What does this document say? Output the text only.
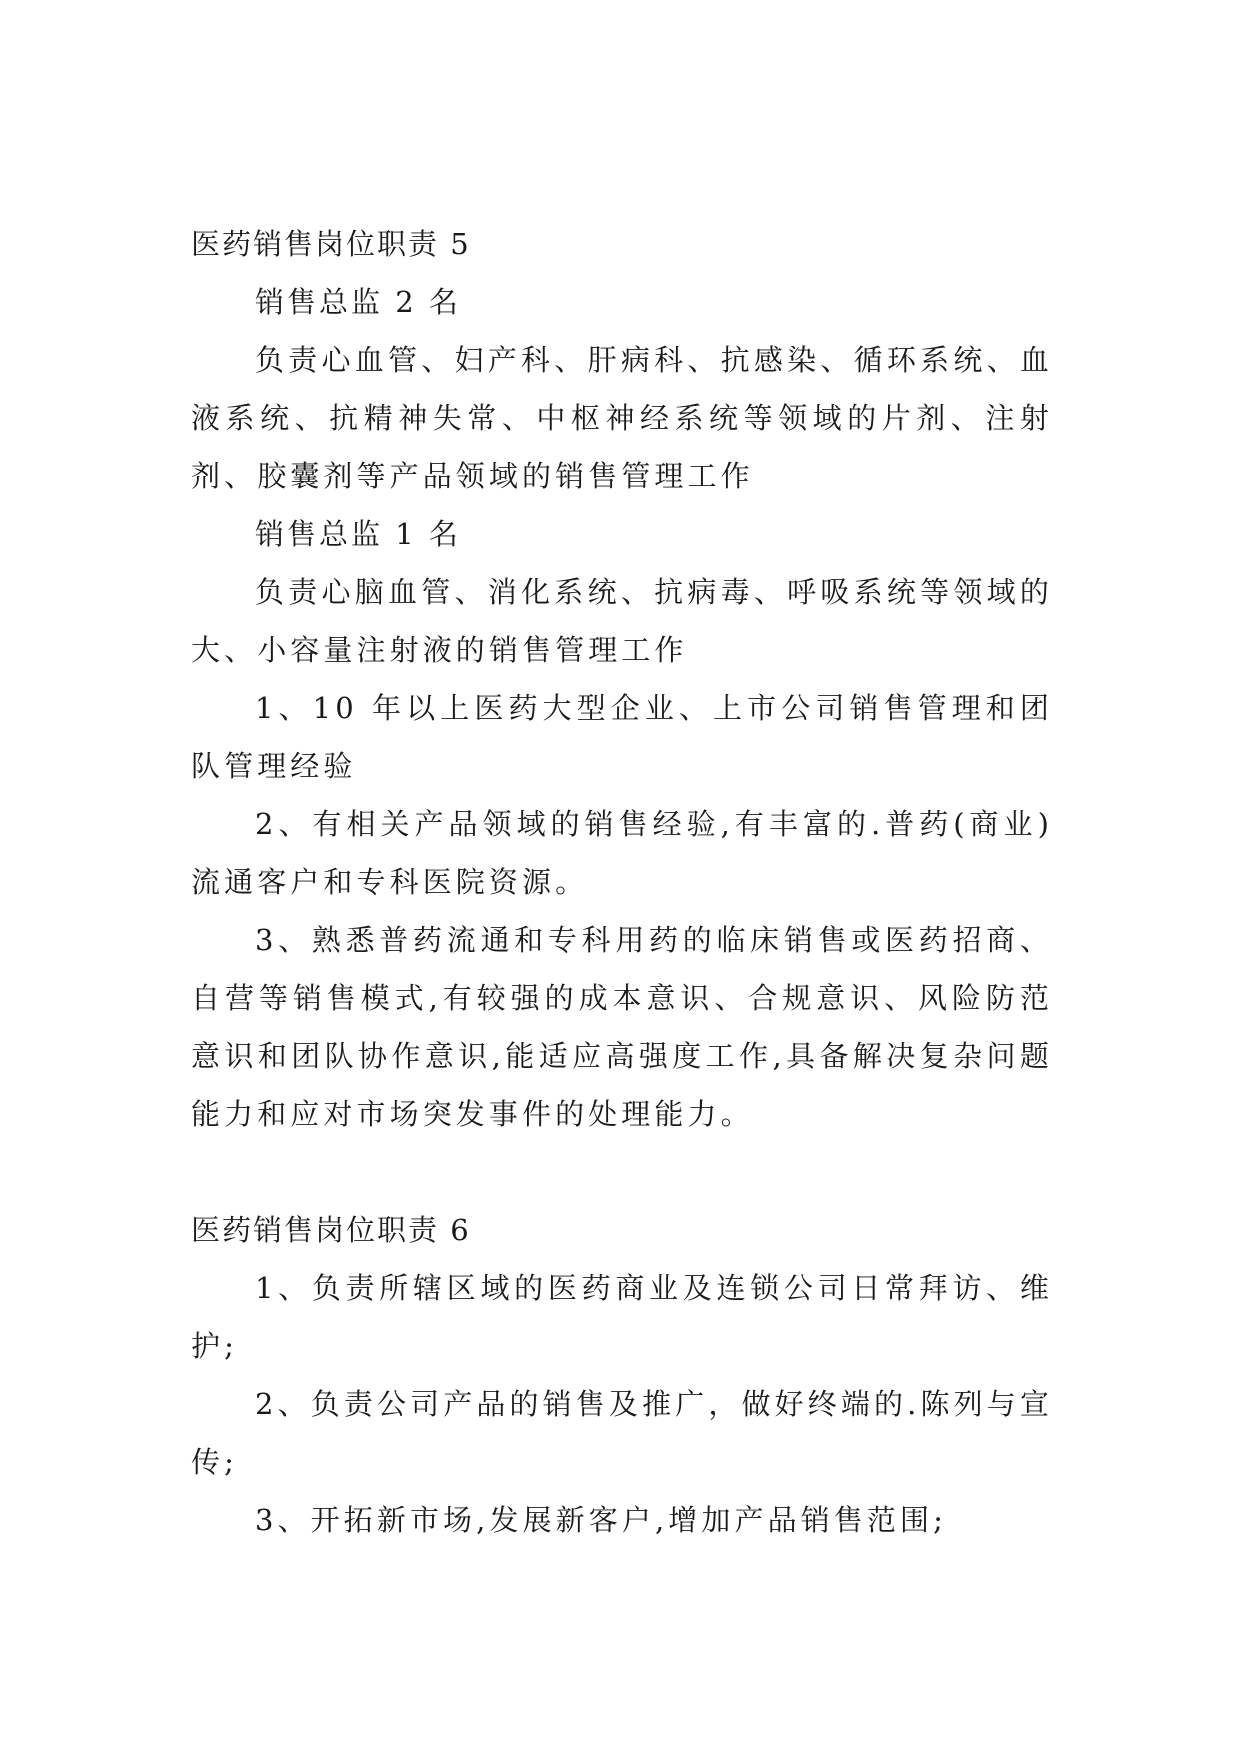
医药销售岗位职责 5

销售总监 2 名

负责心血管、妇产科、肝病科、抗感染、循环系统、血液系统、抗精神失常、中枢神经系统等领域的片剂、注射剂、胶囊剂等产品领域的销售管理工作

销售总监 1 名

负责心脑血管、消化系统、抗病毒、呼吸系统等领域的大、小容量注射液的销售管理工作

1、10 年以上医药大型企业、上市公司销售管理和团队管理经验

2、有相关产品领域的销售经验,有丰富的.普药(商业)流通客户和专科医院资源。

3、熟悉普药流通和专科用药的临床销售或医药招商、自营等销售模式,有较强的成本意识、合规意识、风险防范意识和团队协作意识,能适应高强度工作,具备解决复杂问题能力和应对市场突发事件的处理能力。

医药销售岗位职责 6

1、负责所辖区域的医药商业及连锁公司日常拜访、维护;

2、负责公司产品的销售及推广，做好终端的.陈列与宣传;

3、开拓新市场,发展新客户,增加产品销售范围;
